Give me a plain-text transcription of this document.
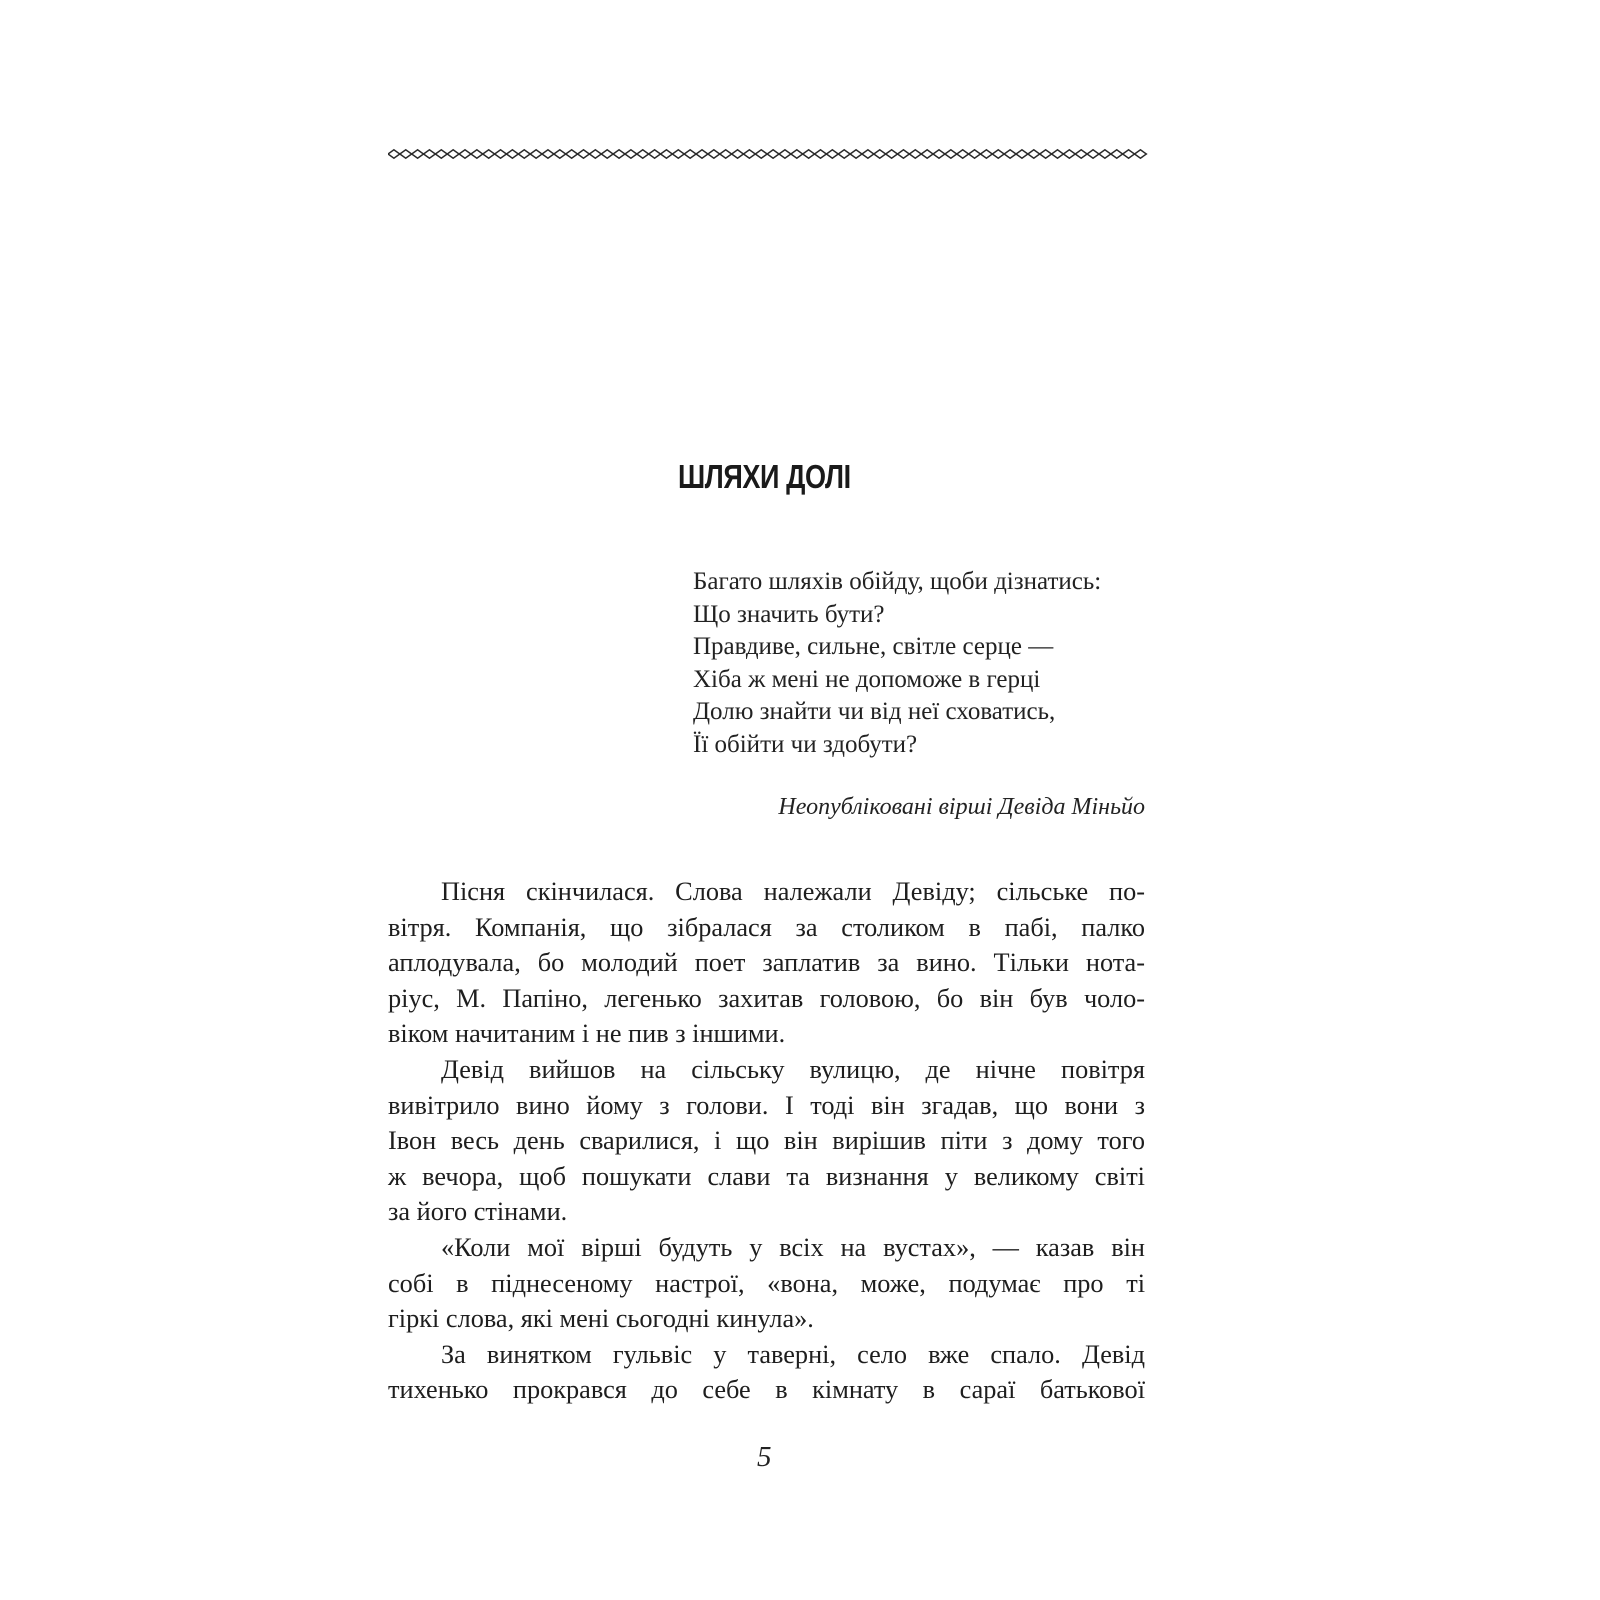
ШЛЯХИ ДОЛІ
Багато шляхів обійду, щоби дізнатись:
Що значить бути?
Правдиве, сильне, світле серце —
Хіба ж мені не допоможе в герці
Долю знайти чи від неї сховатись,
Її обійти чи здобути?
Неопубліковані вірші Девіда Міньйо
Пісня скінчилася. Слова належали Девіду; сільське по-
вітря. Компанія, що зібралася за столиком в пабі, палко
аплодувала, бо молодий поет заплатив за вино. Тільки нота-
ріус, М. Папіно, легенько захитав головою, бо він був чоло-
віком начитаним і не пив з іншими.
Девід вийшов на сільську вулицю, де нічне повітря
вивітрило вино йому з голови. І тоді він згадав, що вони з
Івон весь день сварилися, і що він вирішив піти з дому того
ж вечора, щоб пошукати слави та визнання у великому світі
за його стінами.
«Коли мої вірші будуть у всіх на вустах», — казав він
собі в піднесеному настрої, «вона, може, подумає про ті
гіркі слова, які мені сьогодні кинула».
За винятком гульвіс у таверні, село вже спало. Девід
тихенько прокрався до себе в кімнату в сараї батькової
5
